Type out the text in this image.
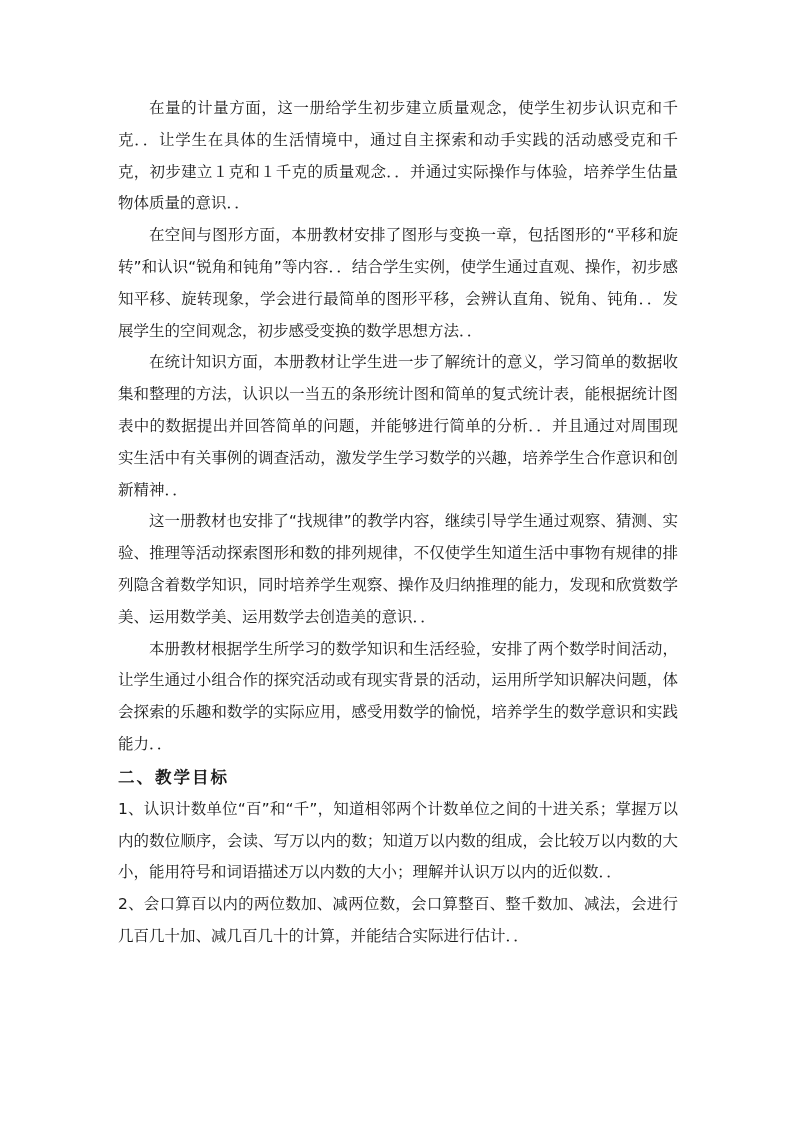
在量的计量方面，这一册给学生初步建立质量观念，使学生初步认识克和千克．．让学生在具体的生活情境中，通过自主探索和动手实践的活动感受克和千克，初步建立１克和１千克的质量观念．．并通过实际操作与体验，培养学生估量物体质量的意识．．

在空间与图形方面，本册教材安排了图形与变换一章，包括图形的“平移和旋转”和认识“锐角和钝角”等内容．．结合学生实例，使学生通过直观、操作，初步感知平移、旋转现象，学会进行最简单的图形平移，会辨认直角、锐角、钝角．．发展学生的空间观念，初步感受变换的数学思想方法．．

在统计知识方面，本册教材让学生进一步了解统计的意义，学习简单的数据收集和整理的方法，认识以一当五的条形统计图和简单的复式统计表，能根据统计图表中的数据提出并回答简单的问题，并能够进行简单的分析．．并且通过对周围现实生活中有关事例的调查活动，激发学生学习数学的兴趣，培养学生合作意识和创新精神．．

这一册教材也安排了“找规律”的教学内容，继续引导学生通过观察、猜测、实验、推理等活动探索图形和数的排列规律，不仅使学生知道生活中事物有规律的排列隐含着数学知识，同时培养学生观察、操作及归纳推理的能力，发现和欣赏数学美、运用数学美、运用数学去创造美的意识．．

本册教材根据学生所学习的数学知识和生活经验，安排了两个数学时间活动，让学生通过小组合作的探究活动或有现实背景的活动，运用所学知识解决问题，体会探索的乐趣和数学的实际应用，感受用数学的愉悦，培养学生的数学意识和实践能力．．

二、教学目标

1、认识计数单位“百”和“千”，知道相邻两个计数单位之间的十进关系；掌握万以内的数位顺序，会读、写万以内的数；知道万以内数的组成，会比较万以内数的大小，能用符号和词语描述万以内数的大小；理解并认识万以内的近似数．．

2、会口算百以内的两位数加、减两位数，会口算整百、整千数加、减法，会进行几百几十加、减几百几十的计算，并能结合实际进行估计．．
